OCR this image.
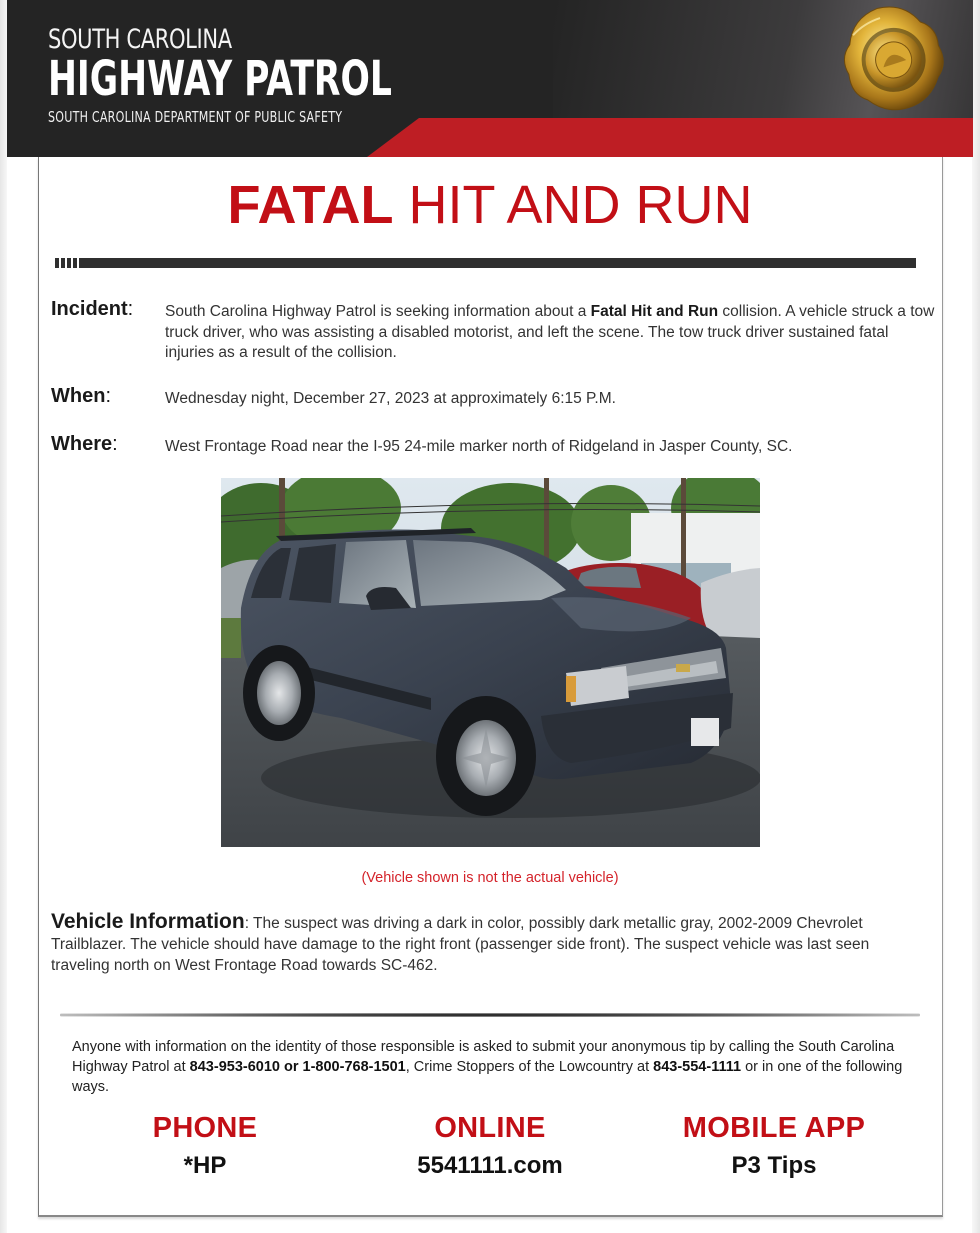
SOUTH CAROLINA
HIGHWAY PATROL
SOUTH CAROLINA DEPARTMENT OF PUBLIC SAFETY
FATAL HIT AND RUN
Incident: South Carolina Highway Patrol is seeking information about a Fatal Hit and Run collision. A vehicle struck a tow truck driver, who was assisting a disabled motorist, and left the scene. The tow truck driver sustained fatal injuries as a result of the collision.
When:	Wednesday night, December 27, 2023 at approximately 6:15 P.M.
Where:	West Frontage Road near the I-95 24-mile marker north of Ridgeland in Jasper County, SC.
(Vehicle shown is not the actual vehicle)
Vehicle Information: The suspect was driving a dark in color, possibly dark metallic gray, 2002-2009 Chevrolet Trailblazer. The vehicle should have damage to the right front (passenger side front). The suspect vehicle was last seen traveling north on West Frontage Road towards SC-462.
Anyone with information on the identity of those responsible is asked to submit your anonymous tip by calling the South Carolina Highway Patrol at 843-953-6010 or 1-800-768-1501, Crime Stoppers of the Lowcountry at 843-554-1111 or in one of the following ways.
PHONE
*HP
ONLINE
5541111.com
MOBILE APP
P3 Tips
